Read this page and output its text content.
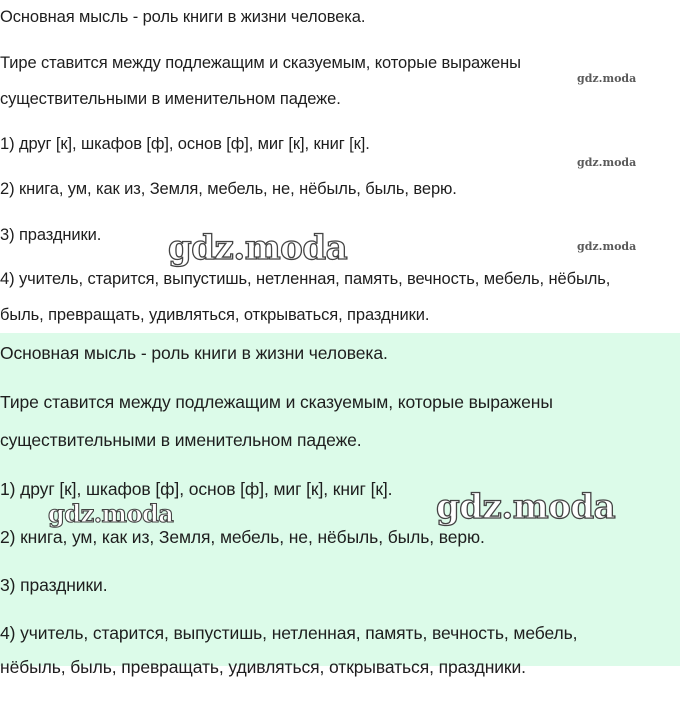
Основная мысль - роль книги в жизни человека.
Тире ставится между подлежащим и сказуемым, которые выражены
существительными в именительном падеже.
1) друг [к], шкафов [ф], основ [ф], миг [к], книг [к].
2) книга, ум, как из, Земля, мебель, не, нёбыль, быль, верю.
3) праздники.
4) учитель, старится, выпустишь, нетленная, память, вечность, мебель, нёбыль,
быль, превращать, удивляться, открываться, праздники.
gdz.moda
gdz.moda
gdz.moda
gdz.moda
Основная мысль - роль книги в жизни человека.
Тире ставится между подлежащим и сказуемым, которые выражены
существительными в именительном падеже.
1) друг [к], шкафов [ф], основ [ф], миг [к], книг [к].
2) книга, ум, как из, Земля, мебель, не, нёбыль, быль, верю.
3) праздники.
4) учитель, старится, выпустишь, нетленная, память, вечность, мебель,
нёбыль, быль, превращать, удивляться, открываться, праздники.
gdz.moda	gdz.moda
